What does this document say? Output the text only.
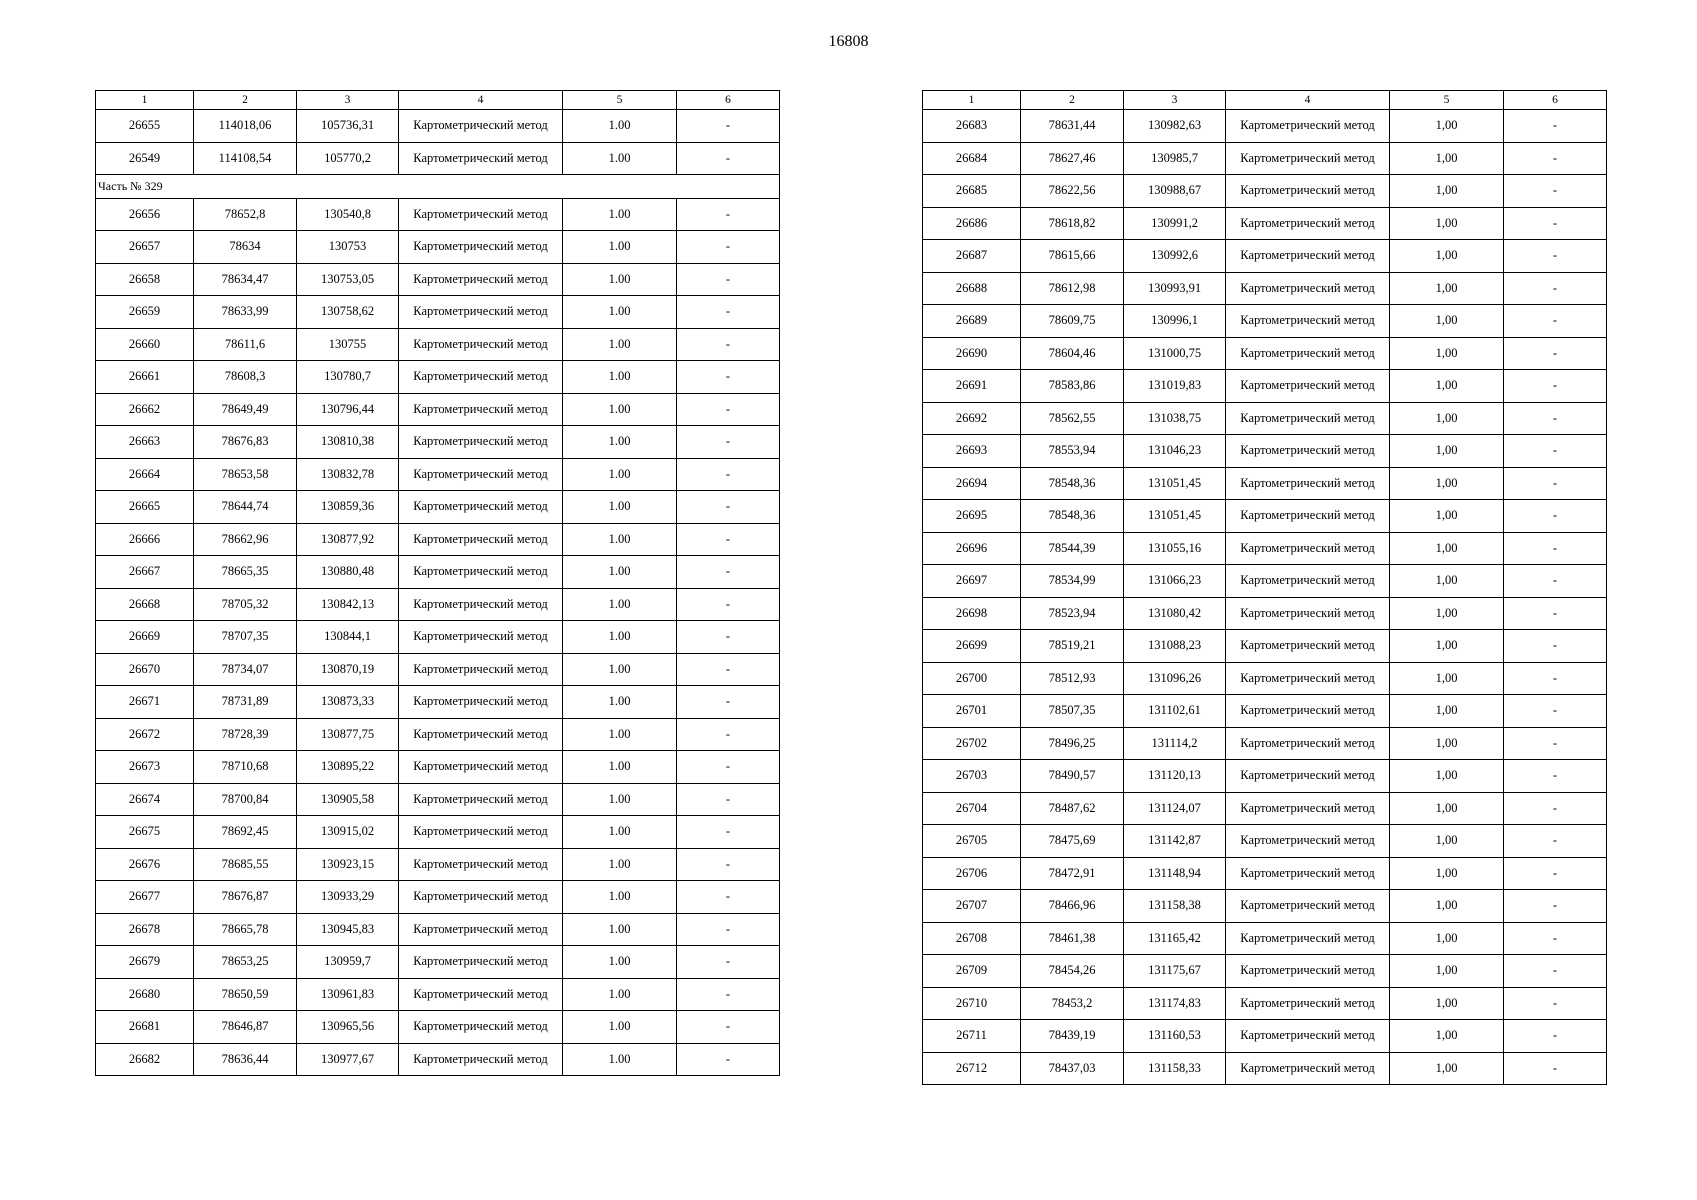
16808
1	2	3	4	5	6
26655	114018,06	105736,31	Картометрический метод	1.00	-
26549	114108,54	105770,2	Картометрический метод	1.00	-
Часть № 329					
26656	78652,8	130540,8	Картометрический метод	1.00	-
26657	78634	130753	Картометрический метод	1.00	-
26658	78634,47	130753,05	Картометрический метод	1.00	-
26659	78633,99	130758,62	Картометрический метод	1.00	-
26660	78611,6	130755	Картометрический метод	1.00	-
26661	78608,3	130780,7	Картометрический метод	1.00	-
26662	78649,49	130796,44	Картометрический метод	1.00	-
26663	78676,83	130810,38	Картометрический метод	1.00	-
26664	78653,58	130832,78	Картометрический метод	1.00	-
26665	78644,74	130859,36	Картометрический метод	1.00	-
26666	78662,96	130877,92	Картометрический метод	1.00	-
26667	78665,35	130880,48	Картометрический метод	1.00	-
26668	78705,32	130842,13	Картометрический метод	1.00	-
26669	78707,35	130844,1	Картометрический метод	1.00	-
26670	78734,07	130870,19	Картометрический метод	1.00	-
26671	78731,89	130873,33	Картометрический метод	1.00	-
26672	78728,39	130877,75	Картометрический метод	1.00	-
26673	78710,68	130895,22	Картометрический метод	1.00	-
26674	78700,84	130905,58	Картометрический метод	1.00	-
26675	78692,45	130915,02	Картометрический метод	1.00	-
26676	78685,55	130923,15	Картометрический метод	1.00	-
26677	78676,87	130933,29	Картометрический метод	1.00	-
26678	78665,78	130945,83	Картометрический метод	1.00	-
26679	78653,25	130959,7	Картометрический метод	1.00	-
26680	78650,59	130961,83	Картометрический метод	1.00	-
26681	78646,87	130965,56	Картометрический метод	1.00	-
26682	78636,44	130977,67	Картометрический метод	1.00	-
1	2	3	4	5	6
26683	78631,44	130982,63	Картометрический метод	1,00	-
26684	78627,46	130985,7	Картометрический метод	1,00	-
26685	78622,56	130988,67	Картометрический метод	1,00	-
26686	78618,82	130991,2	Картометрический метод	1,00	-
26687	78615,66	130992,6	Картометрический метод	1,00	-
26688	78612,98	130993,91	Картометрический метод	1,00	-
26689	78609,75	130996,1	Картометрический метод	1,00	-
26690	78604,46	131000,75	Картометрический метод	1,00	-
26691	78583,86	131019,83	Картометрический метод	1,00	-
26692	78562,55	131038,75	Картометрический метод	1,00	-
26693	78553,94	131046,23	Картометрический метод	1,00	-
26694	78548,36	131051,45	Картометрический метод	1,00	-
26695	78548,36	131051,45	Картометрический метод	1,00	-
26696	78544,39	131055,16	Картометрический метод	1,00	-
26697	78534,99	131066,23	Картометрический метод	1,00	-
26698	78523,94	131080,42	Картометрический метод	1,00	-
26699	78519,21	131088,23	Картометрический метод	1,00	-
26700	78512,93	131096,26	Картометрический метод	1,00	-
26701	78507,35	131102,61	Картометрический метод	1,00	-
26702	78496,25	131114,2	Картометрический метод	1,00	-
26703	78490,57	131120,13	Картометрический метод	1,00	-
26704	78487,62	131124,07	Картометрический метод	1,00	-
26705	78475,69	131142,87	Картометрический метод	1,00	-
26706	78472,91	131148,94	Картометрический метод	1,00	-
26707	78466,96	131158,38	Картометрический метод	1,00	-
26708	78461,38	131165,42	Картометрический метод	1,00	-
26709	78454,26	131175,67	Картометрический метод	1,00	-
26710	78453,2	131174,83	Картометрический метод	1,00	-
26711	78439,19	131160,53	Картометрический метод	1,00	-
26712	78437,03	131158,33	Картометрический метод	1,00	-
